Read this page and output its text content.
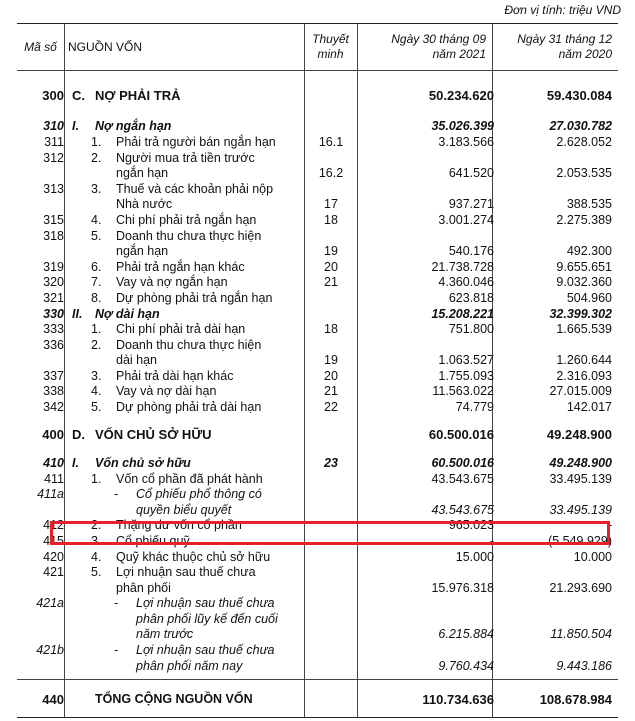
Đơn vị tính: triệu VND
Mã số NGUỒN VỐN
Thuyết
minh
Ngày 30 tháng 09
năm 2021
Ngày 31 tháng 12
năm 2020
300 C. NỢ PHẢI TRẢ	50.234.620	59.430.084
310 I. Nợ ngắn hạn	35.026.399	27.030.782
311 1. Phải trả người bán ngắn hạn	16.1	3.183.566	2.628.052
312 2. Người mua trả tiền trước
ngắn hạn	16.2	641.520	2.053.535
313 3. Thuế và các khoản phải nộp
Nhà nước	17	937.271	388.535
315 4. Chi phí phải trả ngắn hạn	18	3.001.274	2.275.389
318 5. Doanh thu chưa thực hiện
ngắn hạn	19	540.176	492.300
319 6. Phải trả ngắn hạn khác	20	21.738.728	9.655.651
320 7. Vay và nợ ngắn hạn	21	4.360.046	9.032.360
321 8. Dự phòng phải trả ngắn hạn	623.818	504.960
330 II. Nợ dài hạn	15.208.221	32.399.302
333 1. Chi phí phải trả dài hạn	18	751.800	1.665.539
336 2. Doanh thu chưa thực hiện
dài hạn	19	1.063.527	1.260.644
337 3. Phải trả dài hạn khác	20	1.755.093	2.316.093
338 4. Vay và nợ dài hạn	21	11.563.022	27.015.009
342 5. Dự phòng phải trả dài hạn	22	74.779	142.017
400 D. VỐN CHỦ SỞ HỮU	60.500.016	49.248.900
410 I. Vốn chủ sở hữu	23	60.500.016	49.248.900
411 1. Vốn cổ phần đã phát hành	43.543.675	33.495.139
411a	- Cổ phiếu phổ thông có
quyền biểu quyết	43.543.675	33.495.139
412 2. Thặng dư vốn cổ phần	965.023	-
415 3. Cổ phiếu quỹ	-	(5.549.929)
420 4. Quỹ khác thuộc chủ sở hữu	15.000	10.000
421 5. Lợi nhuận sau thuế chưa
phân phối	15.976.318	21.293.690
421a	- Lợi nhuận sau thuế chưa
phân phối lũy kế đến cuối
năm trước	6.215.884	11.850.504
421b	- Lợi nhuận sau thuế chưa
phân phối năm nay	9.760.434	9.443.186
440 TỔNG CỘNG NGUỒN VỐN	110.734.636	108.678.984
